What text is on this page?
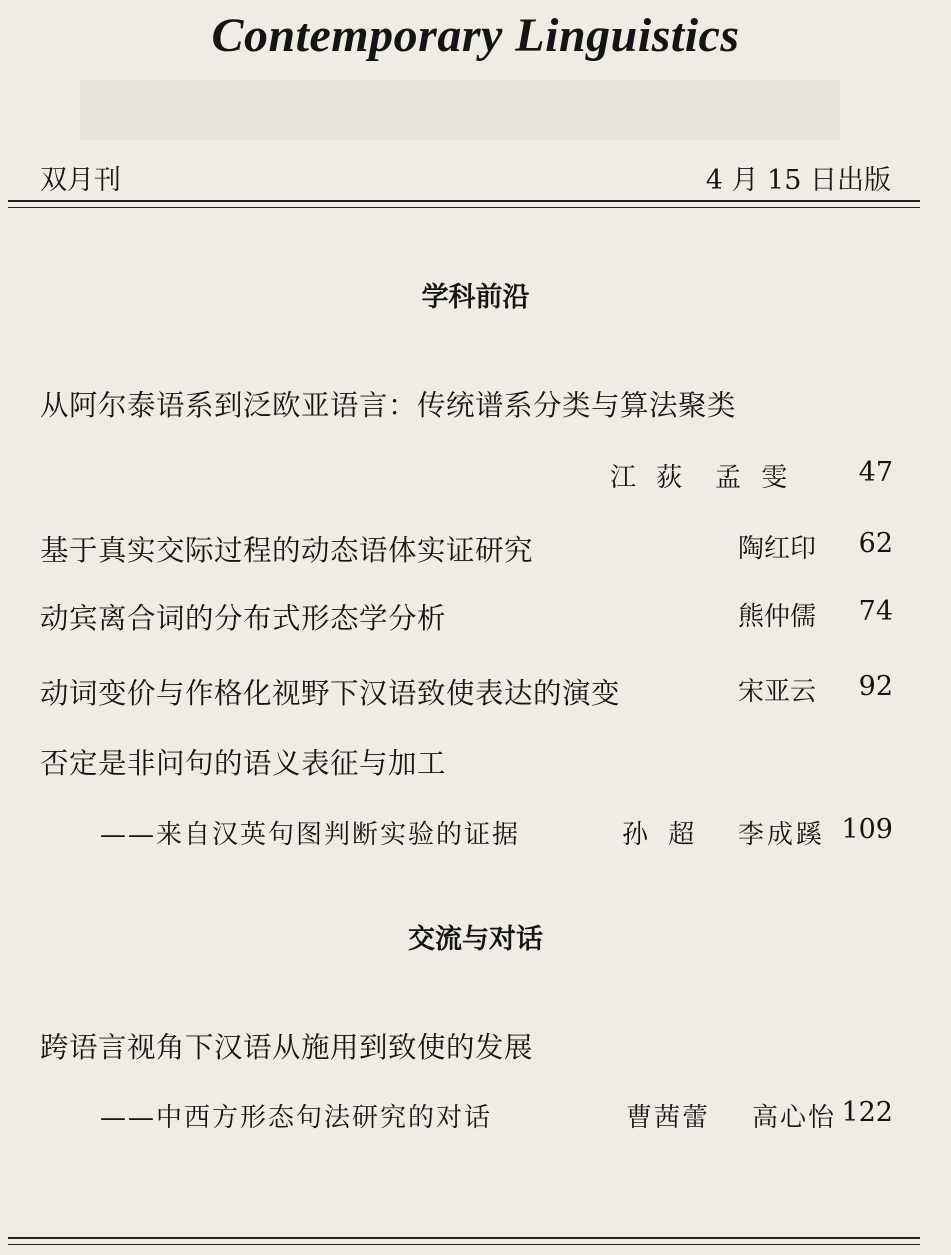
Contemporary Linguistics
双月刊	4 月 15 日出版
学科前沿
从阿尔泰语系到泛欧亚语言：传统谱系分类与算法聚类
江 荻 孟 雯 47
基于真实交际过程的动态语体实证研究	陶红印 62
动宾离合词的分布式形态学分析	熊仲儒 74
动词变价与作格化视野下汉语致使表达的演变	宋亚云 92
否定是非问句的语义表征与加工
——来自汉英句图判断实验的证据	孙 超 李成蹊 109
交流与对话
跨语言视角下汉语从施用到致使的发展
——中西方形态句法研究的对话	曹茜蕾 高心怡 122
